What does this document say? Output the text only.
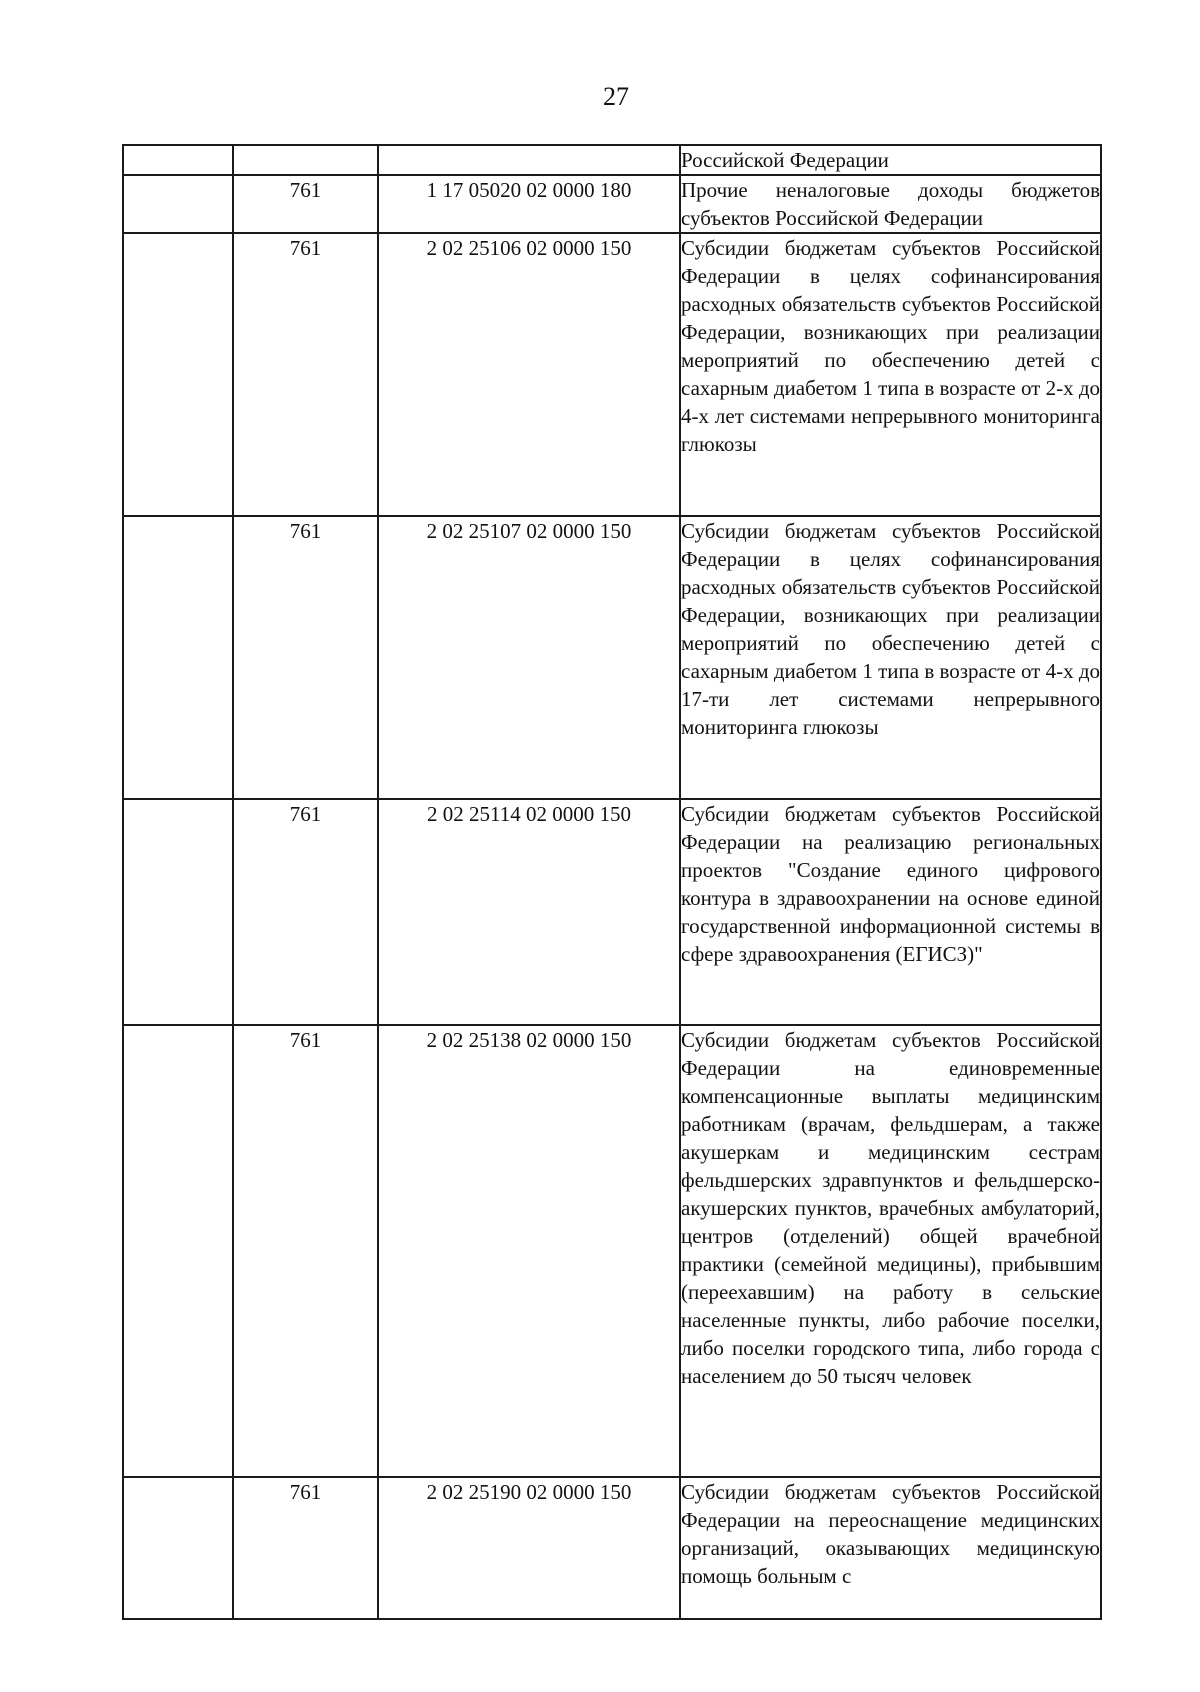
27
			Российской Федерации
	761	1 17 05020 02 0000 180	Прочие неналоговые доходы бюджетов субъектов Российской Федерации
	761	2 02 25106 02 0000 150	Субсидии бюджетам субъектов Российской Федерации в целях софинансирования расходных обязательств субъектов Российской Федерации, возникающих при реализации мероприятий по обеспечению детей с сахарным диабетом 1 типа в возрасте от 2-х до 4-х лет системами непрерывного мониторинга глюкозы
	761	2 02 25107 02 0000 150	Субсидии бюджетам субъектов Российской Федерации в целях софинансирования расходных обязательств субъектов Российской Федерации, возникающих при реализации мероприятий по обеспечению детей с сахарным диабетом 1 типа в возрасте от 4-х до 17-ти лет системами непрерывного мониторинга глюкозы
	761	2 02 25114 02 0000 150	Субсидии бюджетам субъектов Российской Федерации на реализацию региональных проектов "Создание единого цифрового контура в здравоохранении на основе единой государственной информационной системы в сфере здравоохранения (ЕГИСЗ)"
	761	2 02 25138 02 0000 150	Субсидии бюджетам субъектов Российской Федерации на единовременные компенсационные выплаты медицинским работникам (врачам, фельдшерам, а также акушеркам и медицинским сестрам фельдшерских здравпунктов и фельдшерско-акушерских пунктов, врачебных амбулаторий, центров (отделений) общей врачебной практики (семейной медицины), прибывшим (переехавшим) на работу в сельские населенные пункты, либо рабочие поселки, либо поселки городского типа, либо города с населением до 50 тысяч человек
	761	2 02 25190 02 0000 150	Субсидии бюджетам субъектов Российской Федерации на переоснащение медицинских организаций, оказывающих медицинскую помощь больным с
